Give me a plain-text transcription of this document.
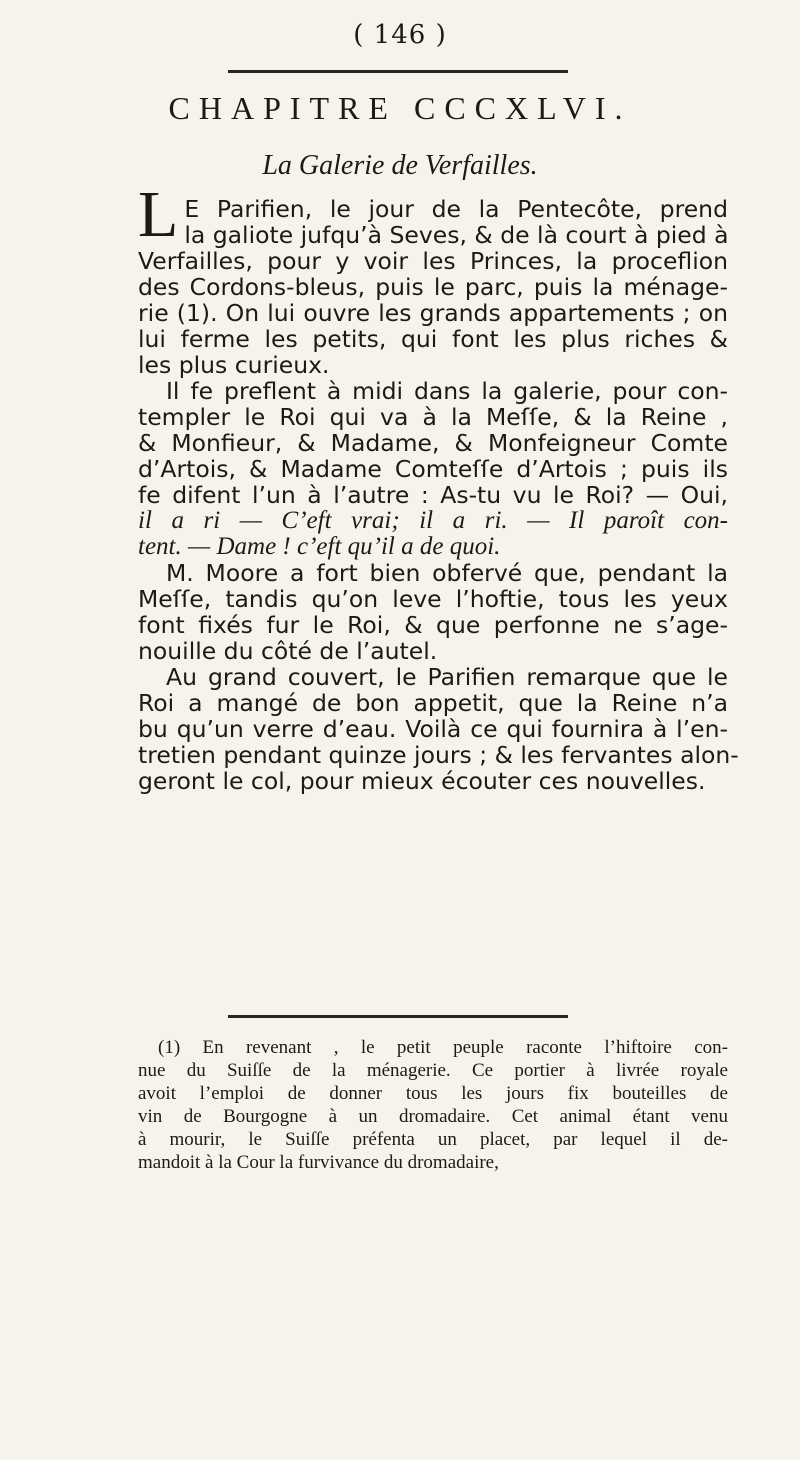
( 146 )
CHAPITRE CCCXLVI.
La Galerie de Verfailles.
L E Parifien, le jour de la Pentecôte, prend
la galiote jufqu’à Seves, & de là court à pied à
Verfailles, pour y voir les Princes, la proceflion
des Cordons-bleus, puis le parc, puis la ménage-
rie (1). On lui ouvre les grands appartements ; on
lui ferme les petits, qui font les plus riches &
les plus curieux.
Il fe preflent à midi dans la galerie, pour con-
templer le Roi qui va à la Meſſe, & la Reine ,
& Monfieur, & Madame, & Monfeigneur Comte
d’Artois, & Madame Comteſſe d’Artois ; puis ils
fe difent l’un à l’autre : As-tu vu le Roi? — Oui,
il a ri — C’eft vrai; il a ri. — Il paroît con-
tent. — Dame ! c’eft qu’il a de quoi.
M. Moore a fort bien obfervé que, pendant la
Meſſe, tandis qu’on leve l’hoftie, tous les yeux
font fixés fur le Roi, & que perfonne ne s’age-
nouille du côté de l’autel.
Au grand couvert, le Parifien remarque que le
Roi a mangé de bon appetit, que la Reine n’a
bu qu’un verre d’eau. Voilà ce qui fournira à l’en-
tretien pendant quinze jours ; & les fervantes alon-
geront le col, pour mieux écouter ces nouvelles.
(1) En revenant , le petit peuple raconte l’hiftoire con-
nue du Suiſſe de la ménagerie. Ce portier à livrée royale
avoit l’emploi de donner tous les jours fix bouteilles de
vin de Bourgogne à un dromadaire. Cet animal étant venu
à mourir, le Suiſſe préfenta un placet, par lequel il de-
mandoit à la Cour la furvivance du dromadaire,
